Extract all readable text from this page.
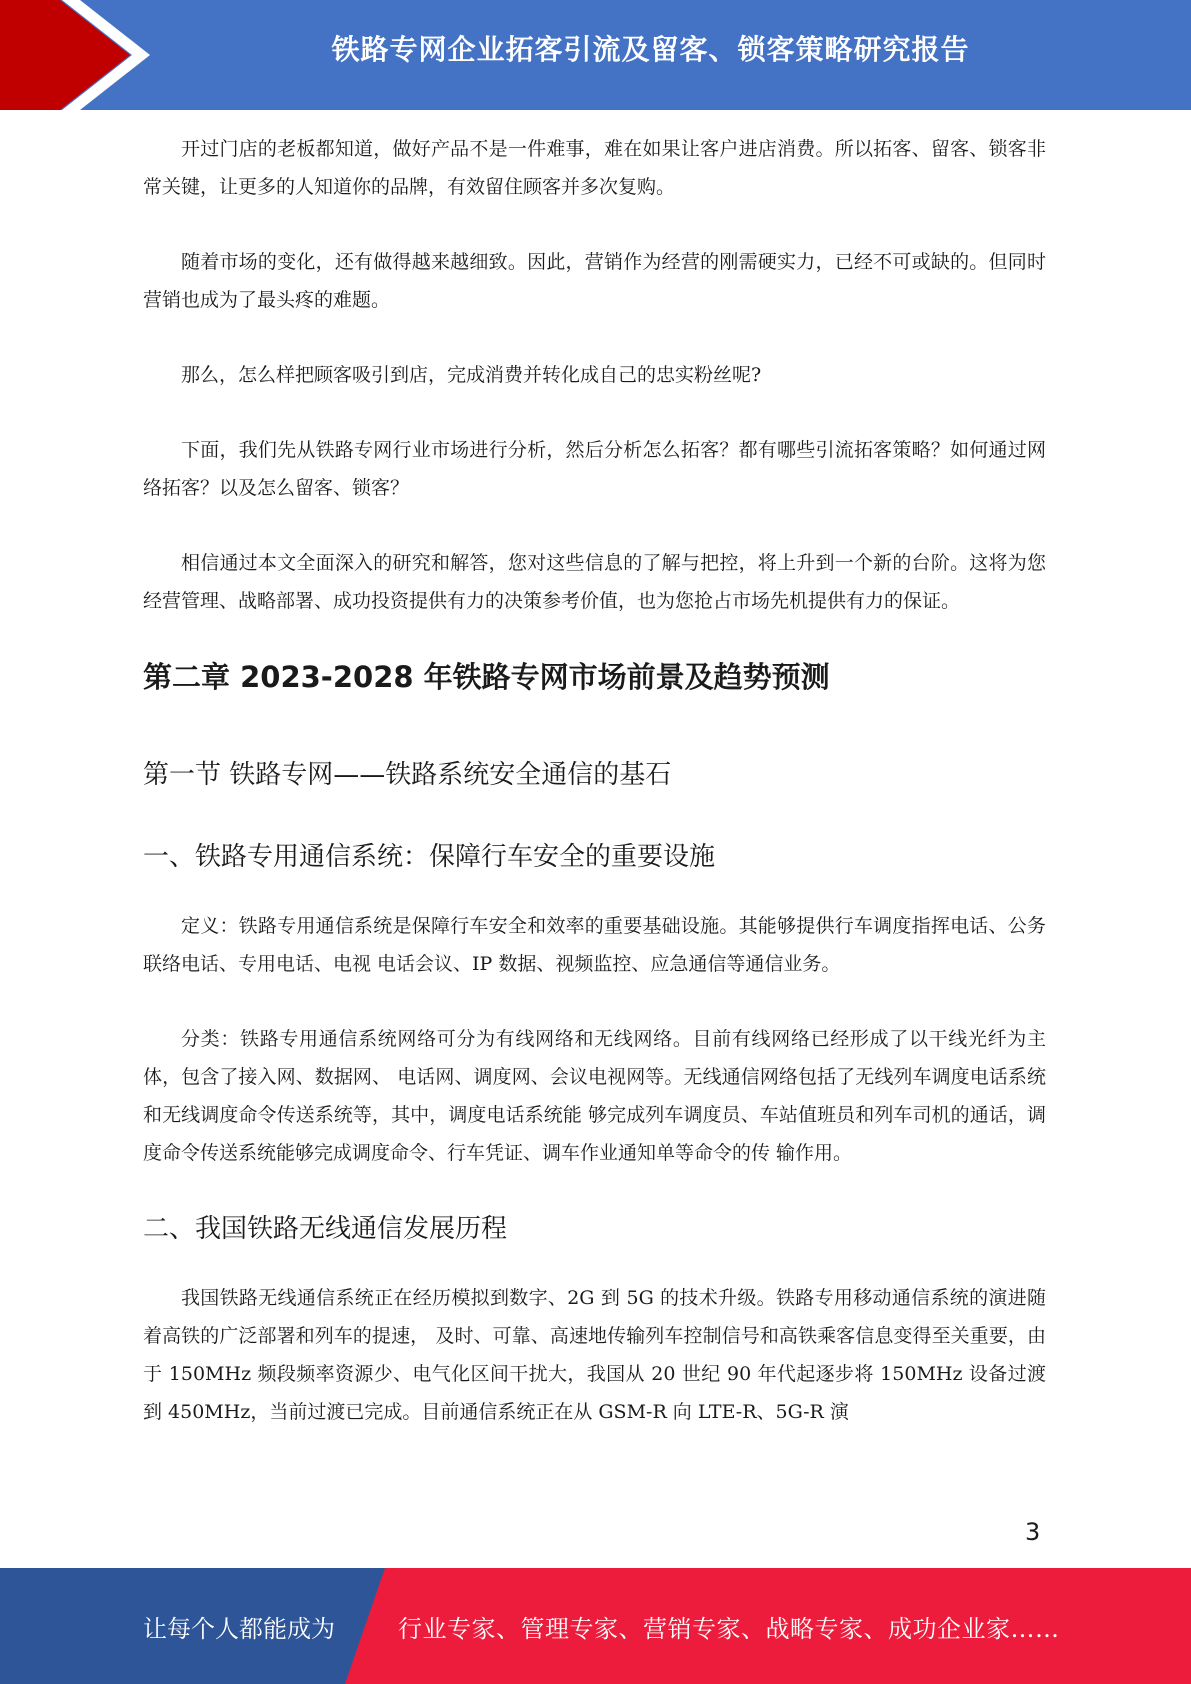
铁路专网企业拓客引流及留客、锁客策略研究报告

开过门店的老板都知道，做好产品不是一件难事，难在如果让客户进店消费。所以拓客、留客、锁客非常关键，让更多的人知道你的品牌，有效留住顾客并多次复购。

随着市场的变化，还有做得越来越细致。因此，营销作为经营的刚需硬实力，已经不可或缺的。但同时营销也成为了最头疼的难题。

那么，怎么样把顾客吸引到店，完成消费并转化成自己的忠实粉丝呢?

下面，我们先从铁路专网行业市场进行分析，然后分析怎么拓客？都有哪些引流拓客策略？如何通过网络拓客？以及怎么留客、锁客？

相信通过本文全面深入的研究和解答，您对这些信息的了解与把控，将上升到一个新的台阶。这将为您经营管理、战略部署、成功投资提供有力的决策参考价值，也为您抢占市场先机提供有力的保证。

第二章 2023-2028 年铁路专网市场前景及趋势预测
第一节 铁路专网——铁路系统安全通信的基石
一、铁路专用通信系统：保障行车安全的重要设施

定义：铁路专用通信系统是保障行车安全和效率的重要基础设施。其能够提供行车调度指挥电话、公务联络电话、专用电话、电视 电话会议、IP 数据、视频监控、应急通信等通信业务。

分类：铁路专用通信系统网络可分为有线网络和无线网络。目前有线网络已经形成了以干线光纤为主体，包含了接入网、数据网、 电话网、调度网、会议电视网等。无线通信网络包括了无线列车调度电话系统和无线调度命令传送系统等，其中，调度电话系统能 够完成列车调度员、车站值班员和列车司机的通话，调度命令传送系统能够完成调度命令、行车凭证、调车作业通知单等命令的传 输作用。

二、我国铁路无线通信发展历程

我国铁路无线通信系统正在经历模拟到数字、2G 到 5G 的技术升级。铁路专用移动通信系统的演进随着高铁的广泛部署和列车的提速， 及时、可靠、高速地传输列车控制信号和高铁乘客信息变得至关重要，由于 150MHz 频段频率资源少、电气化区间干扰大，我国从 20 世纪 90 年代起逐步将 150MHz 设备过渡到 450MHz，当前过渡已完成。目前通信系统正在从 GSM-R 向 LTE-R、5G-R 演

3
让每个人都能成为	行业专家、管理专家、营销专家、战略专家、成功企业家……
